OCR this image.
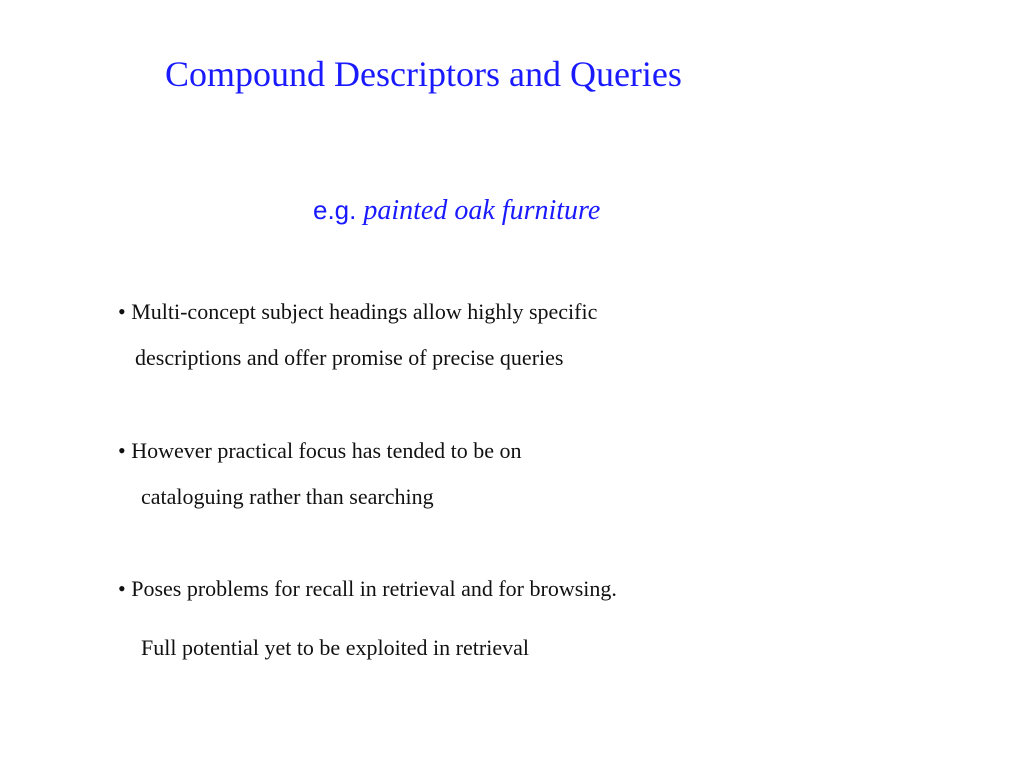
Compound Descriptors and Queries
e.g. painted oak furniture
• Multi-concept subject headings allow highly specific
descriptions and offer promise of precise queries
• However practical focus has tended to be on
cataloguing rather than searching
• Poses problems for recall in retrieval and for browsing.
Full potential yet to be exploited in retrieval
